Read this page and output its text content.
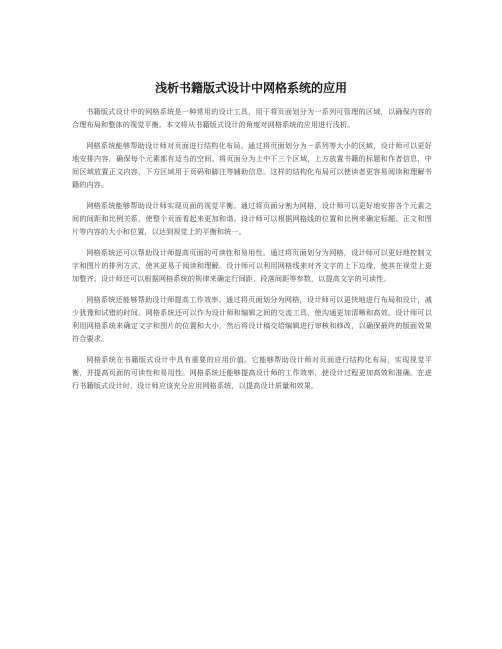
浅析书籍版式设计中网格系统的应用

书籍版式设计中的网格系统是一种常用的设计工具，用于将页面划分为一系列可管理的区域，以确保内容的合理布局和整体的视觉平衡。本文将从书籍版式设计的角度对网格系统的应用进行浅析。

网格系统能够帮助设计师对页面进行结构化布局。通过将页面划分为一系列等大小的区域，设计师可以更好地安排内容，确保每个元素都有适当的空间。将页面分为上中下三个区域，上方放置书籍的标题和作者信息，中间区域放置正文内容，下方区域用于页码和脚注等辅助信息。这样的结构化布局可以使读者更容易阅读和理解书籍的内容。

网格系统能够帮助设计师实现页面的视觉平衡。通过将页面分割为网格，设计师可以更好地安排各个元素之间的间距和比例关系，使整个页面看起来更加和谐。设计师可以根据网格线的位置和比例来确定标题、正文和图片等内容的大小和位置，以达到视觉上的平衡和统一。

网格系统还可以帮助设计师提高页面的可读性和易用性。通过将页面划分为网格，设计师可以更好地控制文字和图片的排列方式，使其更易于阅读和理解。设计师可以利用网格线来对齐文字的上下边缘，使其在视觉上更加整齐。设计师还可以根据网格系统的规律来确定行间距、段落间距等参数，以提高文字的可读性。

网格系统还能够帮助设计师提高工作效率。通过将页面划分为网格，设计师可以更快地进行布局和设计，减少犹豫和试错的时间。网格系统还可以作为设计师和编辑之间的交流工具，使沟通更加清晰和高效。设计师可以利用网格系统来确定文字和图片的位置和大小，然后将设计稿交给编辑进行审核和修改，以确保最终的版面效果符合要求。

网格系统在书籍版式设计中具有重要的应用价值。它能够帮助设计师对页面进行结构化布局，实现视觉平衡，并提高页面的可读性和易用性。网格系统还能够提高设计师的工作效率，使设计过程更加高效和准确。在进行书籍版式设计时，设计师应该充分应用网格系统，以提高设计质量和效果。
